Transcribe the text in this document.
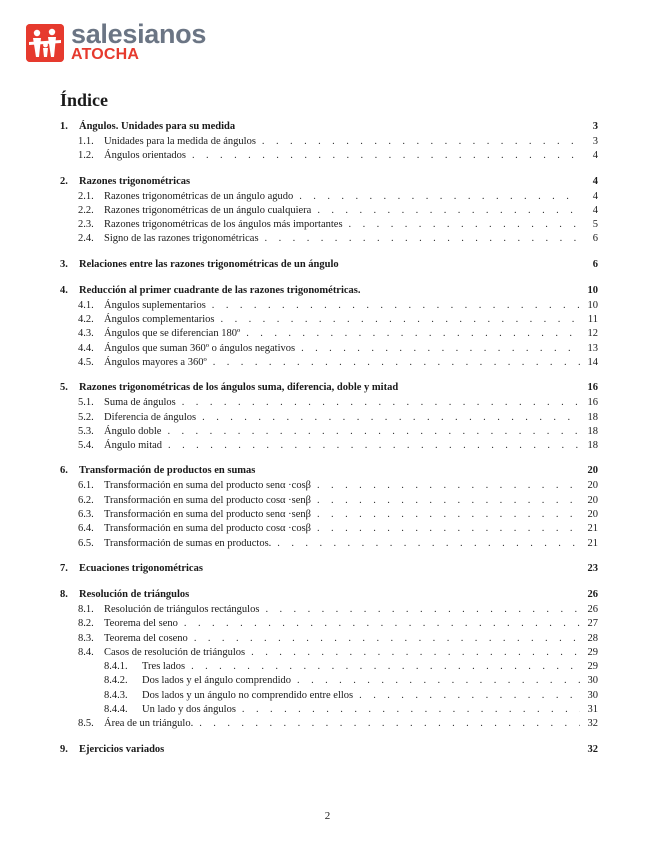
salesianos
ATOCHA
Índice
1.	Ángulos. Unidades para su medida	3
1.1. Unidades para la medida de ángulos . . .	3
1.2. Ángulos orientados . . .	4
2.	Razones trigonométricas	4
2.1. Razones trigonométricas de un ángulo agudo . . .	4
2.2. Razones trigonométricas de un ángulo cualquiera . . .	4
2.3. Razones trigonométricas de los ángulos más importantes . . .	5
2.4. Signo de las razones trigonométricas . . .	6
3.	Relaciones entre las razones trigonométricas de un ángulo	6
4.	Reducción al primer cuadrante de las razones trigonométricas.	10
4.1. Ángulos suplementarios . . .	10
4.2. Ángulos complementarios . . .	11
4.3. Ángulos que se diferencian 180º . . .	12
4.4. Ángulos que suman 360º o ángulos negativos . . .	13
4.5. Ángulos mayores a 360º . . .	14
5.	Razones trigonométricas de los ángulos suma, diferencia, doble y mitad	16
5.1. Suma de ángulos . . .	16
5.2. Diferencia de ángulos . . .	18
5.3. Ángulo doble . . .	18
5.4. Ángulo mitad . . .	18
6.	Transformación de productos en sumas	20
6.1. Transformación en suma del producto senα ·cosβ . . .	20
6.2. Transformación en suma del producto cosα ·senβ . . .	20
6.3. Transformación en suma del producto senα ·senβ . . .	20
6.4. Transformación en suma del producto cosα ·cosβ . . .	21
6.5. Transformación de sumas en productos. . . .	21
7.	Ecuaciones trigonométricas	23
8.	Resolución de triángulos	26
8.1. Resolución de triángulos rectángulos . . .	26
8.2. Teorema del seno . . .	27
8.3. Teorema del coseno . . .	28
8.4. Casos de resolución de triángulos . . .	29
8.4.1.	Tres lados . . .	29
8.4.2.	Dos lados y el ángulo comprendido . . .	30
8.4.3.	Dos lados y un ángulo no comprendido entre ellos . . .	30
8.4.4.	Un lado y dos ángulos . . .	31
8.5. Área de un triángulo. . . .	32
9.	Ejercicios variados	32
2
